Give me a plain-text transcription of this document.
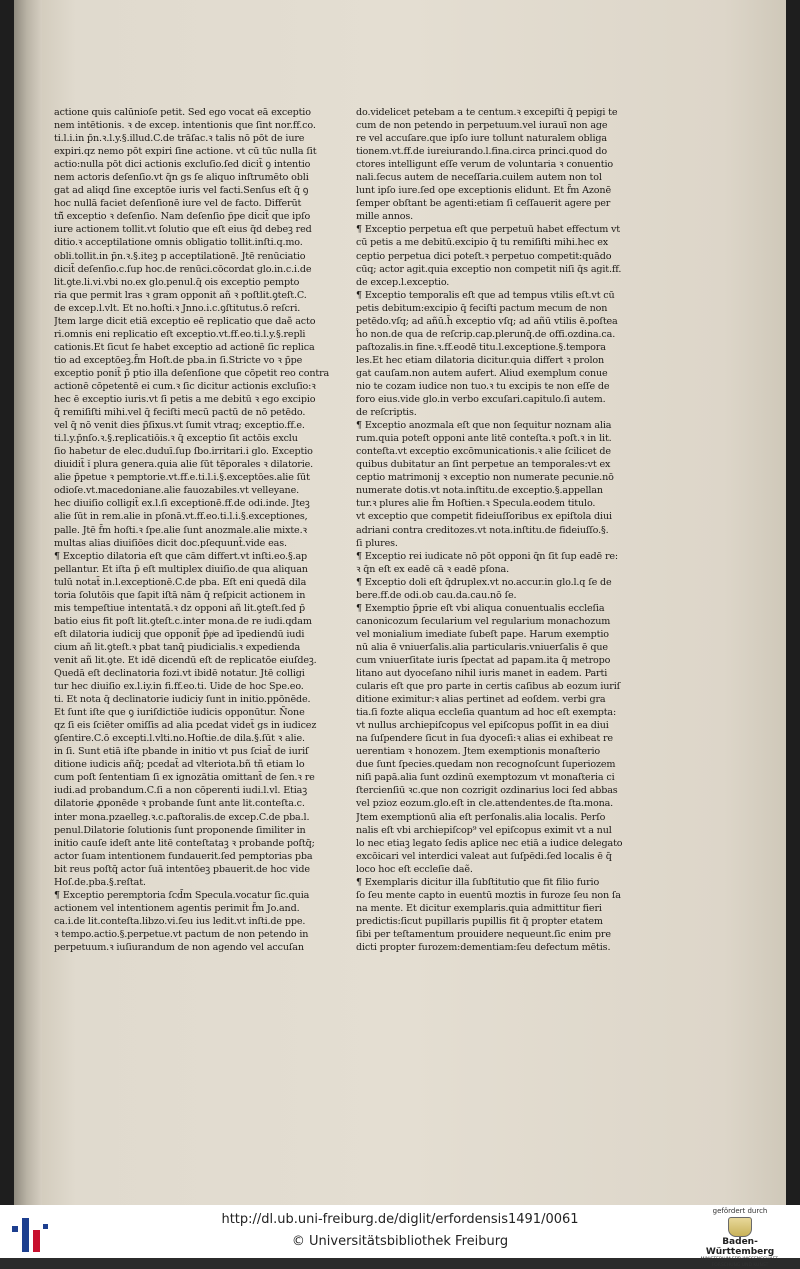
actione quis calūnioſe petit. Sed ego vocat eā exceptio

nem intētionis. ꝛ de excep. intentionis que ſint nor.ff.co.

ti.l.i.in p̄n.ꝛ.l.y.§.illud.C.de trāſac.ꝛ talis nō pōt de iure

expiri.qz nemo pōt expiri ſine actione. vt cū tūc nulla ſit

actio:nulla pōt dici actionis excluſio.ſed dicit̄ ꝯ intentio

nem actoris deſenſio.vt q̄n gs ſe aliquo inſtrumēto obli

gat ad aliqd ſine exceptōe iuris vel facti.Senſus eſt q̄ ꝯ

hoc nullā faciet deſenſionē iure vel de facto. Differūt

tñ̄ exceptio ꝛ deſenſio. Nam deſenſio p̄pe dicit̄ que ipſo

iure actionem tollit.vt ſolutio que eſt eius q̄d debeꝫ red

ditio.ꝛ acceptilatione omnis obligatio tollit.inſti.q.mo.

obli.tollit.in p̄n.ꝛ.§.iteꝫ p acceptilationē. Jtē renūciatio

dicit̄ deſenſio.c.ſup hoc.de renūci.cōcordat glo.in.c.i.de

lit.ꝯte.li.vi.vbi no.ex glo.penul.q̄ ois exceptio pempto

ria que permit lras ꝛ gram opponit añ ꝛ poſtlit.ꝯteſt.C.

de excep.l.vlt. Et no.hoſti.ꝛ Jnno.i.c.ꝯſtitutus.ō reſcri.

Jtem large dicit etiā exceptio eē replicatio que daẽ acto

ri.omnis eni replicatio eſt exceptio.vt.ff.eo.ti.l.y.§.repli

cationis.Et ſicut ſe habet exceptio ad actionē ſic replica

tio ad exceptōeꝫ.f̄m Hoſt.de pba.in ſi.Stricte vo ꝛ p̄pe

exceptio ponit̄ p̄ ptio illa deſenſione que cōpetit reo contra

actionē cōpetentē ei cum.ꝛ ſic dicitur actionis excluſio:ꝛ

hec ē exceptio iuris.vt ſi petis a me debitū ꝛ ego excipio

q̄ remiſiſti mihi.vel q̄ feciſti mecū pactū de nō petēdo.

vel q̄ nō venit dies p̄ſixus.vt ſumit vtraq; exceptio.ff.e.

ti.l.y.p̄nſo.ꝛ.§.replicatiōis.ꝛ q̄ exceptio ſit actōis exclu

ſio habetur de elec.duduī.ſup ſbo.irritari.i glo. Exceptio

diuidit̄ ĭ plura genera.quia alie ſūt tēporales ꝛ dilatorie.

alie p̄petue ꝛ pemptorie.vt.ff.e.ti.l.i.§.exceptōes.alie ſūt

odioſe.vt.macedoniane.alie fauozabiles.vt velleyane.

hec diuiſio colligit̄ ex.l.ſi exceptionē.ff.de odi.inde. Jteꝫ

alie ſūt in rem.alie in pſonā.vt.ff.eo.ti.l.i.§.exceptiones,

palle. Jtē f̄m hoſti.ꝛ ſpe.alie ſunt anozmale.alie mixte.ꝛ

multas alias diuiſiōes dicit doc.pſequunt̄.vide eas.

¶ Exceptio dilatoria eſt que cām differt.vt inſti.eo.§.ap

pellantur. Et iſta p̄ eſt multiplex diuiſio.de qua aliquan

tulū notat̄ in.l.exceptionē.C.de pba. Eſt eni quedā dila

toria ſolutōis que ſapit iſtā nām q̄ reſpicit actionem in

mis tempeſtiue intentatā.ꝛ dz opponi añ lit.ꝯteſt.ſed p̄

batio eius fit poſt lit.ꝯteſt.c.inter mona.de re iudi.qdam

eſt dilatoria iudicij que opponit̄ p̄pͥe ad īpediendū iudi

cium añ lit.ꝯteſt.ꝛ pbat tanq̄ piudicialis.ꝛ expedienda

venit añ lit.ꝯte. Et idē dicendū eſt de replicatōe eiuſdeꝫ.

Quedā eſt declinatoria fozi.vt ibidē notatur. Jtē colligi

tur hec diuiſio ex.l.iy.in fi.ff.eo.ti. Uide de hoc Spe.eo.

ti. Et nota q̄ declinatorie iudiciy ſunt in initio.ppōnēde.

Et ſunt iſte que ꝯ iuriſdictiōe iudicis opponūtur. Ñone

qz ſi eis ſciēter omiſſis ad alia pcedat videt̄ gs in iudicez

ꝯſentire.C.ō excepti.l.vlti.no.Hoſtie.de dila.§.ſūt ꝛ alie.

in ſi. Sunt etiā iſte pbande in initio vt pus ſciat̄ de iuriſ

ditione iudicis añq̄; pcedat̄ ad vlteriota.bñ tñ etiam lo

cum poſt ſententiam ſi ex ignozātia omittant̄ de ſen.ꝛ re

iudi.ad probandum.C.ſi a non cōperenti iudi.l.vl. Etiaꝫ

dilatorie ꝓponēde ꝛ probande ſunt ante lit.conteſta.c.

inter mona.pzaelleg.ꝛ.c.paſtoralis.de excep.C.de pba.l.

penul.Dilatorie ſolutionis ſunt proponende ſimiliter in

initio cauſe ideſt ante litē conteſtataꝫ ꝛ probande poſtq̄;

actor ſuam intentionem fundauerit.ſed pemptorias pba

bit reus poſtq̄ actor ſuā intentōeꝫ pbauerit.de hoc vide

Hoſ.de.pba.§.reſtat.

¶ Exceptio peremptoria ſcd̄m Specula.vocatur ſic.quia

actionem vel intentionem agentis perimit f̄m Jo.and.

ca.i.de lit.conteſta.libzo.vi.ſeu ius ledit.vt inſti.de ppe.

ꝛ tempo.actio.§.perpetue.vt pactum de non petendo in

perpetuum.ꝛ iuſiurandum de non agendo vel accuſan

do.videlicet petebam a te centum.ꝛ excepiſti q̄ pepigi te

cum de non petendo in perpetuum.vel iurauī non age

re vel accuſare.que ipſo iure tollunt naturalem obliga

tionem.vt.ff.de iureiurando.l.fina.circa princi.quod do

ctores intelligunt eſſe verum de voluntaria ꝛ conuentio

nali.ſecus autem de neceſſaria.cuilem autem non tol

lunt ipſo iure.ſed ope exceptionis elidunt. Et f̄m Azonē

ſemper obſtant be agenti:etiam ſi ceſſauerit agere per

mille annos.

¶ Exceptio perpetua eſt que perpetuū habet effectum vt

cū petis a me debitū.excipio q̄ tu remiſiſti mihi.hec ex

ceptio perpetua dici poteſt.ꝛ perpetuo competit:quādo

cūq; actor agit.quia exceptio non competit niſi q̄s agit.ff.

de excep.l.exceptio.

¶ Exceptio temporalis eſt que ad tempus vtilis eſt.vt cū

petis debitum:excipio q̄ feciſti pactum mecum de non

petēdo.vſq; ad añū.h̄ exceptio vſq; ad añū vtilis ē.poſtea

ĥo non.de qua de reſcrip.cap.plerunq̄.de offi.ozdina.ca.

paſtozalis.in fine.ꝛ.ff.eodē titu.l.exceptione.§.tempora

les.Et hec etiam dilatoria dicitur.quia differt ꝛ prolon

gat cauſam.non autem aufert. Aliud exemplum conue

nio te cozam iudice non tuo.ꝛ tu excipis te non eſſe de

foro eius.vide glo.in verbo excuſari.capitulo.ſi autem.

de reſcriptis.

¶ Exceptio anozmala eſt que non ſequitur noznam alia

rum.quia poteſt opponi ante litē conteſta.ꝛ poſt.ꝛ in lit.

conteſta.vt exceptio excōmunicationis.ꝛ alie ſcilicet de

quibus dubitatur an ſint perpetue an temporales:vt ex

ceptio matrimonij ꝛ exceptio non numerate pecunie.nō

numerate dotis.vt nota.inſtitu.de exceptio.§.appellan

tur.ꝛ plures alie f̄m Hoſtien.ꝛ Specula.eodem titulo.

vt exceptio que competit fideiuſſoribus ex epiſtola diui

adriani contra creditozes.vt nota.inſtitu.de fideiuſſo.§.

ſi plures.

¶ Exceptio rei iudicate nō pōt opponi q̄n ſit ſup eadē re:

ꝛ q̄n eſt ex eadē cā ꝛ eadē pſona.

¶ Exceptio doli eſt q̄druplex.vt no.accur.in glo.l.q ſe de

bere.ff.de odi.ob cau.da.cau.nō ſe.

¶ Exemptio p̄prie eſt vbi aliqua conuentualis eccleſia

canonicozum ſecularium vel regularium monachozum

vel monialium imediate ſubeſt pape. Harum exemptio

nū alia ē vniuerſalis.alia particularis.vniuerſalis ē que

cum vniuerſitate iuris ſpectat ad papam.ita q̄ metropo

litano aut dyoceſano nihil iuris manet in eadem. Parti

cularis eſt que pro parte in certis caſibus ab eozum iuriſ

ditione eximitur:ꝛ alias pertinet ad eoſdem. verbi gra

tia.ſi fozte aliqua eccleſia quantum ad hoc eſt exempta:

vt nullus archiepiſcopus vel epiſcopus poſſit in ea diui

na ſuſpendere ſicut in ſua dyoceſi:ꝛ alias ei exhibeat re

uerentiam ꝛ honozem. Jtem exemptionis monaſterio

due ſunt ſpecies.quedam non recognoſcunt ſuperiozem

niſi papā.alia ſunt ozdinū exemptozum vt monaſteria ci

ſtercienſiū ꝛc.que non cozrigit ozdinarius loci ſed abbas

vel pzioz eozum.glo.eſt in cle.attendentes.de ſta.mona.

Jtem exemptionū alia eſt perſonalis.alia localis. Perſo

nalis eſt vbi archiepiſcop⁹ vel epiſcopus eximit vt a nul

lo nec etiaꝫ legato ſedis aplice nec etiā a iudice delegato

excōicari vel interdici valeat aut ſuſpēdi.ſed localis ē q̄

loco hoc eſt eccleſie daẽ.

¶ Exemplaris dicitur illa ſubſtitutio que fit filio furio

ſo ſeu mente capto in euentū moztis in furoze ſeu non ſa

na mente. Et dicitur exemplaris.quia admittitur fieri

predictis:ſicut pupillaris pupillis fit q̄ propter etatem

ſibi per teſtamentum prouidere nequeunt.ſic enim pre

dicti propter furozem:dementiam:ſeu defectum mētis.

http://dl.ub.uni-freiburg.de/diglit/erfordensis1491/0061
© Universitätsbibliothek Freiburg
gefördert durch
Baden-Württemberg
MINISTERIUM FÜR WISSENSCHAFT, FORSCHUNG UND KUNST
